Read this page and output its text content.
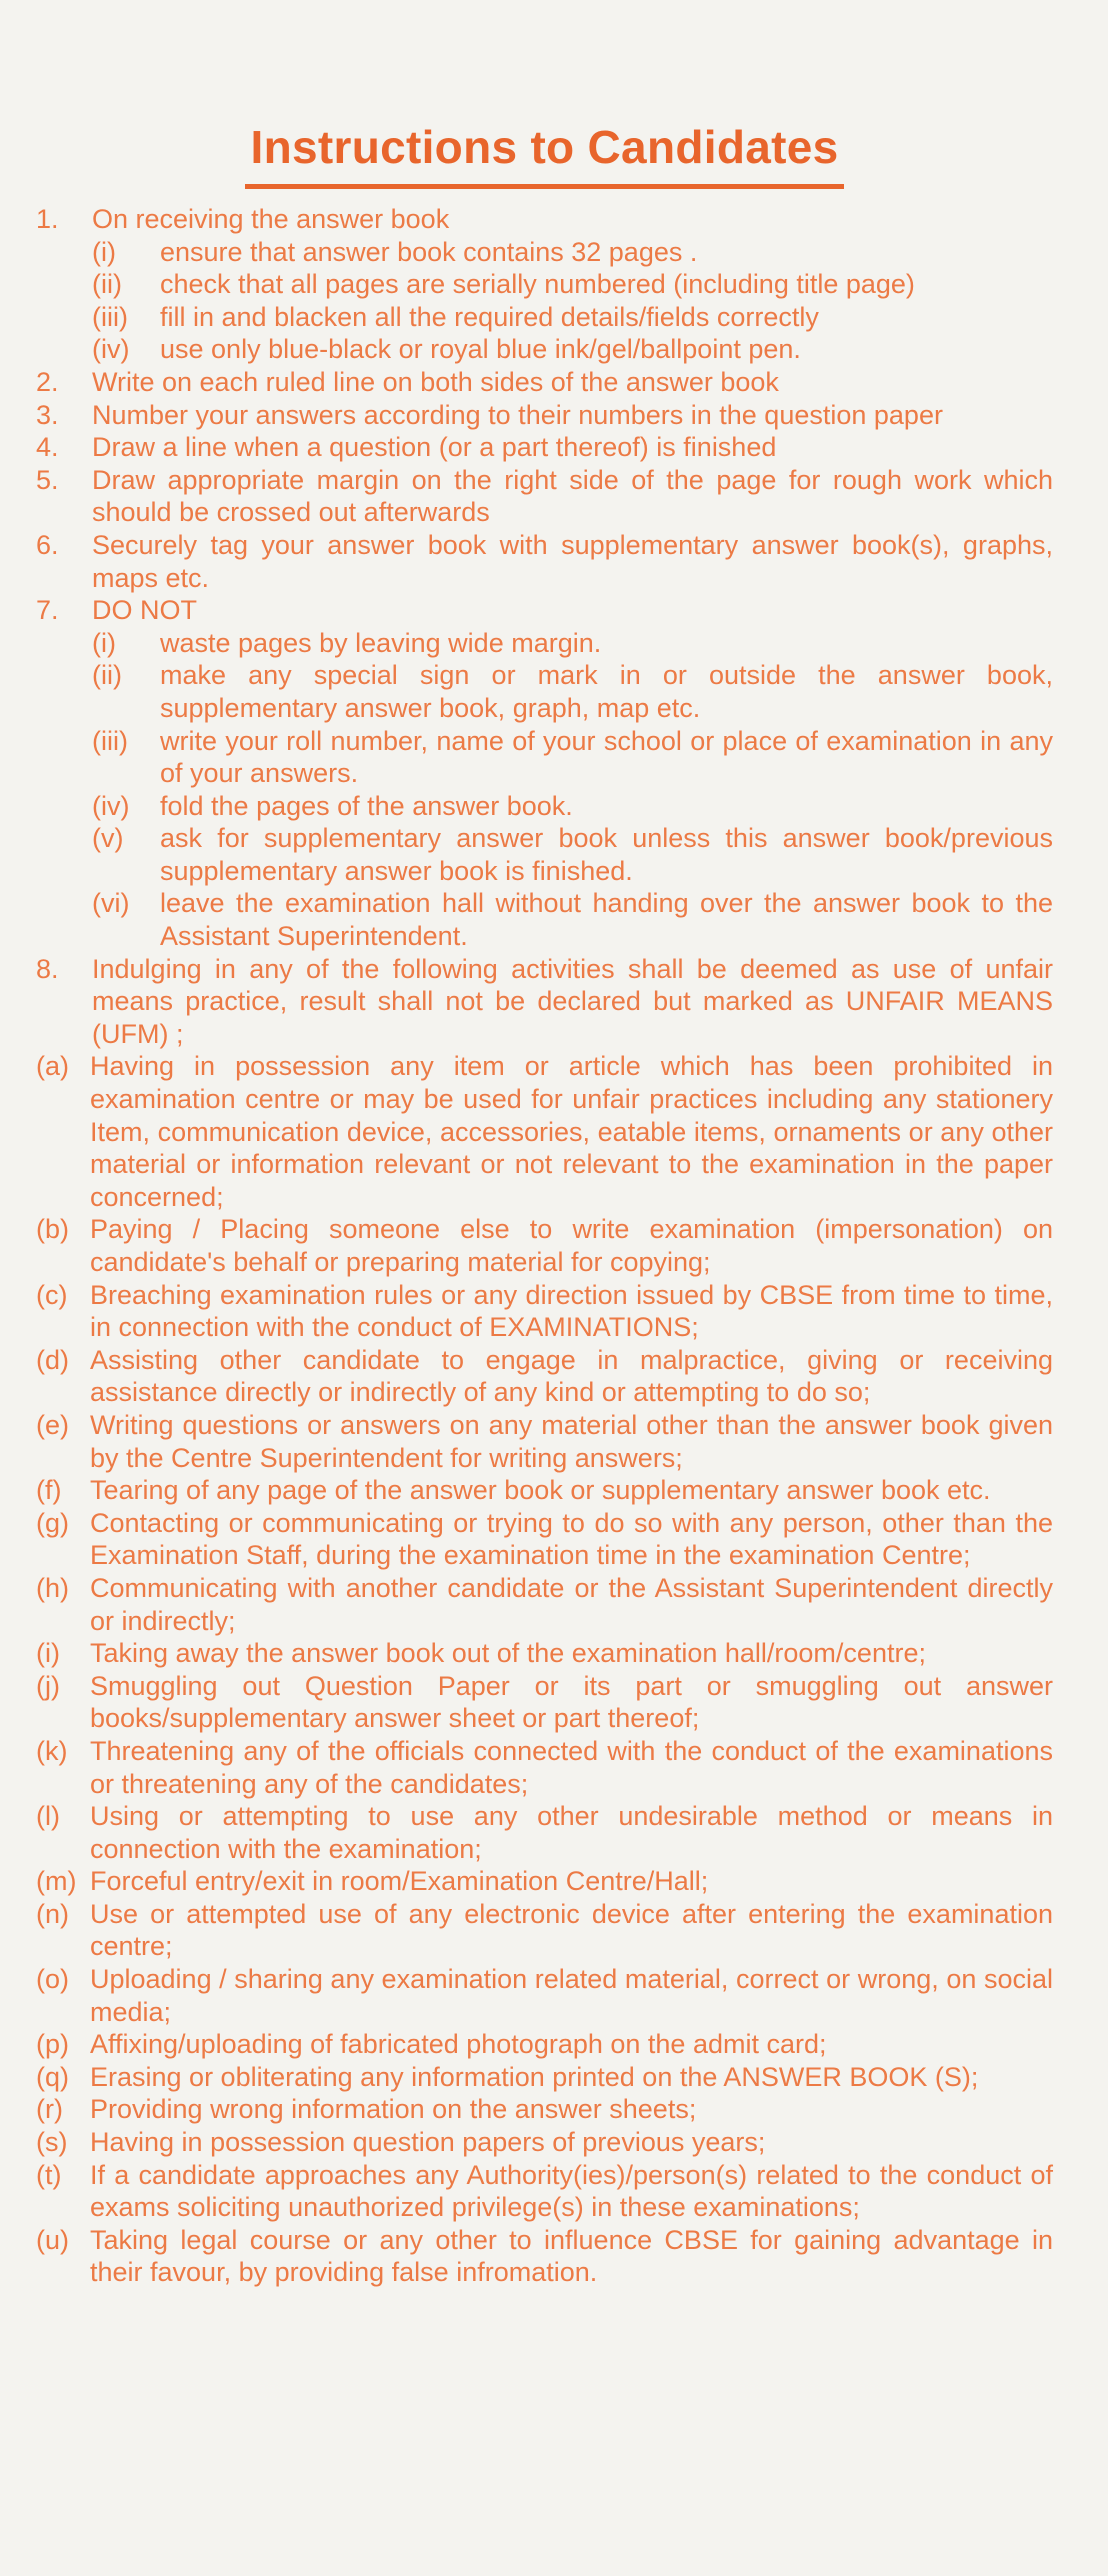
Instructions to Candidates
1.	On receiving the answer book
(i)	ensure that answer book contains 32 pages .
(ii)	check that all pages are serially numbered (including title page)
(iii)	fill in and blacken all the required details/fields correctly
(iv)	use only blue-black or royal blue ink/gel/ballpoint pen.
2.	Write on each ruled line on both sides of the answer book
3.	Number your answers according to their numbers in the question paper
4.	Draw a line when a question (or a part thereof) is finished
5.	Draw appropriate margin on the right side of the page for rough work which should be crossed out afterwards
6.	Securely tag your answer book with supplementary answer book(s), graphs, maps etc.
7.	DO NOT
(i)	waste pages by leaving wide margin.
(ii)	make any special sign or mark in or outside the answer book, supplementary answer book, graph, map etc.
(iii)	write your roll number, name of your school or place of examination in any of your answers.
(iv)	fold the pages of the answer book.
(v)	ask for supplementary answer book unless this answer book/previous supplementary answer book is finished.
(vi)	leave the examination hall without handing over the answer book to the Assistant Superintendent.
8.	Indulging in any of the following activities shall be deemed as use of unfair means practice, result shall not be declared but marked as UNFAIR MEANS (UFM) ;
(a) Having in possession any item or article which has been prohibited in examination centre or may be used for unfair practices including any stationery Item, communication device, accessories, eatable items, ornaments or any other material or information relevant or not relevant to the examination in the paper concerned;
(b) Paying / Placing someone else to write examination (impersonation) on candidate's behalf or preparing material for copying;
(c) Breaching examination rules or any direction issued by CBSE from time to time, in connection with the conduct of EXAMINATIONS;
(d) Assisting other candidate to engage in malpractice, giving or receiving assistance directly or indirectly of any kind or attempting to do so;
(e) Writing questions or answers on any material other than the answer book given by the Centre Superintendent for writing answers;
(f)	Tearing of any page of the answer book or supplementary answer book etc.
(g) Contacting or communicating or trying to do so with any person, other than the Examination Staff, during the examination time in the examination Centre;
(h) Communicating with another candidate or the Assistant Superintendent directly or indirectly;
(i)	Taking away the answer book out of the examination hall/room/centre;
(j)	Smuggling out Question Paper or its part or smuggling out answer books/supplementary answer sheet or part thereof;
(k) Threatening any of the officials connected with the conduct of the examinations or threatening any of the candidates;
(l)	Using or attempting to use any other undesirable method or means in connection with the examination;
(m) Forceful entry/exit in room/Examination Centre/Hall;
(n) Use or attempted use of any electronic device after entering the examination centre;
(o) Uploading / sharing any examination related material, correct or wrong, on social media;
(p) Affixing/uploading of fabricated photograph on the admit card;
(q) Erasing or obliterating any information printed on the ANSWER BOOK (S);
(r)	Providing wrong information on the answer sheets;
(s) Having in possession question papers of previous years;
(t)	If a candidate approaches any Authority(ies)/person(s) related to the conduct of exams soliciting unauthorized privilege(s) in these examinations;
(u) Taking legal course or any other to influence CBSE for gaining advantage in their favour, by providing false infromation.
